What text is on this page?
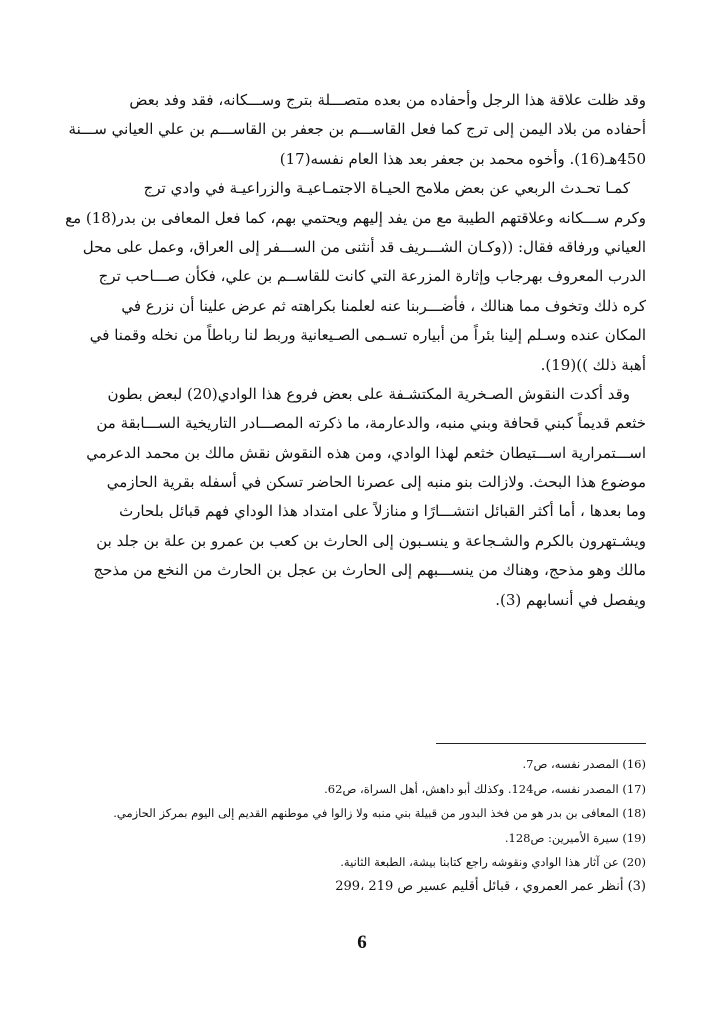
وقد ظلت علاقة هذا الرجل وأحفاده من بعده متصـــلة بترج وســـكانه، فقد وفد بعض
أحفاده من بلاد اليمن إلى ترج كما فعل القاســـم بن جعفر بن القاســـم بن علي العياني ســـنة
450هـ(16). وأخوه محمد بن جعفر بعد هذا العام نفسه(17)
كمـا تحـدث الربعي عن بعض ملامح الحيـاة الاجتمـاعيـة والزراعيـة في وادي ترج
وكرم ســـكانه وعلاقتهم الطيبة مع من يفد إليهم ويحتمي بهم، كما فعل المعافى بن بدر(18) مع
العياني ورفاقه فقال: ((وكـان الشـــريف قد أنثنى من الســـفر إلى العراق، وعمل على محل
الدرب المعروف بهرجاب وإثارة المزرعة التي كانت للقاســم بن علي، فكأن صـــاحب ترج
كره ذلك وتخوف مما هنالك ، فأضـــربنا عنه لعلمنا بكراهته ثم عرض علينا أن نزرع في
المكان عنده وسـلم إلينا بئراً من أبياره تسـمى الصـيعانية وربط لنا رباطاً من نخله وقمنا في
أهبة ذلك ))(19).
وقد أكدت النقوش الصـخرية المكتشـفة على بعض فروع هذا الوادي(20) لبعض بطون
خثعم قديماً كبني قحافة وبني منبه، والدعارمة، ما ذكرته المصـــادر التاريخية الســـابقة من
اســـتمرارية اســـتيطان خثعم لهذا الوادي، ومن هذه النقوش نقش مالك بن محمد الدعرمي
موضوع هذا البحث. ولازالت بنو منبه إلى عصرنا الحاضر تسكن في أسفله بقرية الحازمي
وما بعدها ، أما أكثر القبائل انتشـــارًا و منازلاً على امتداد هذا الوداي فهم قبائل بلحارث
ويشـتهرون بالكرم والشـجاعة و ينسـبون إلى الحارث بن كعب بن عمرو بن علة بن جلد بن
مالك وهو مذحج، وهناك من ينســـبهم إلى الحارث بن عجل بن الحارث من النخع من مذحج
ويفصل في أنسابهم (3).
(16) المصدر نفسه، ص7.
(17) المصدر نفسه، ص124. وكذلك أبو داهش، أهل السراة، ص62.
(18) المعافى بن بدر هو من فخذ البدور من قبيلة بني منبه ولا زالوا في موطنهم القديم إلى اليوم بمركز الحازمي.
(19) سيرة الأميرين: ص128.
(20) عن آثار هذا الوادي ونقوشه راجع كتابنا بيشة، الطبعة الثانية.
(3) أنظر عمر العمروي ، قبائل أقليم عسير ص 219 ،299
6
